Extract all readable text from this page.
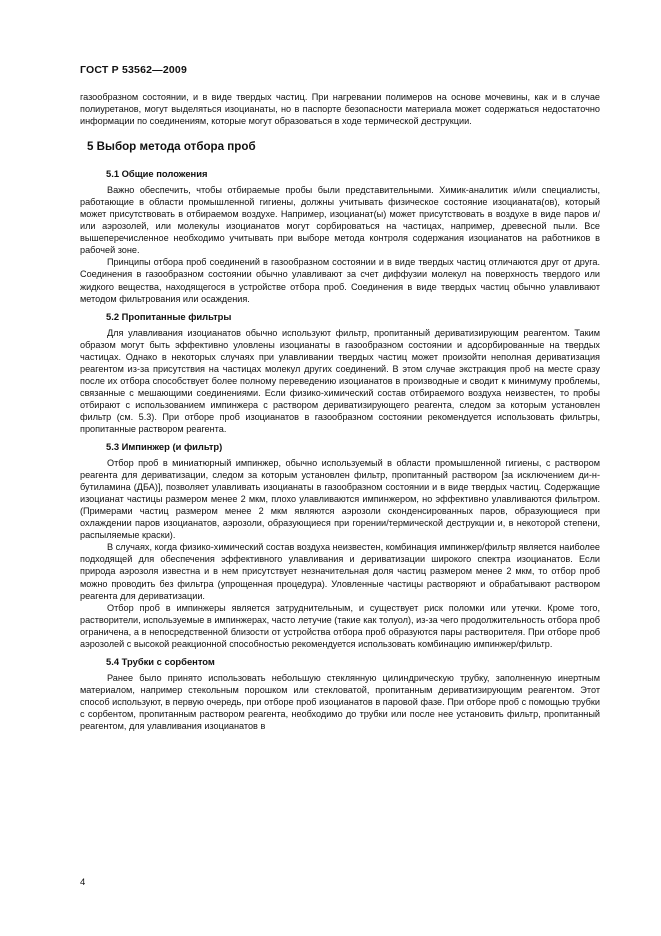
ГОСТ Р 53562—2009

газообразном состоянии, и в виде твердых частиц. При нагревании полимеров на основе мочевины, как и в случае полиуретанов, могут выделяться изоцианаты, но в паспорте безопасности материала может содержаться недостаточно информации по соединениям, которые могут образоваться в ходе термической деструкции.

5 Выбор метода отбора проб
5.1 Общие положения

Важно обеспечить, чтобы отбираемые пробы были представительными. Химик-аналитик и/или специалисты, работающие в области промышленной гигиены, должны учитывать физическое состояние изоцианата(ов), который может присутствовать в отбираемом воздухе. Например, изоцианат(ы) может присутствовать в воздухе в виде паров и/или аэрозолей, или молекулы изоцианатов могут сорбироваться на частицах, например, древесной пыли. Все вышеперечисленное необходимо учитывать при выборе метода контроля содержания изоцианатов на работников в рабочей зоне.

Принципы отбора проб соединений в газообразном состоянии и в виде твердых частиц отличаются друг от друга. Соединения в газообразном состоянии обычно улавливают за счет диффузии молекул на поверхность твердого или жидкого вещества, находящегося в устройстве отбора проб. Соединения в виде твердых частиц обычно улавливают методом фильтрования или осаждения.

5.2 Пропитанные фильтры

Для улавливания изоцианатов обычно используют фильтр, пропитанный дериватизирующим реагентом. Таким образом могут быть эффективно уловлены изоцианаты в газообразном состоянии и адсорбированные на твердых частицах. Однако в некоторых случаях при улавливании твердых частиц может произойти неполная дериватизация реагентом из-за присутствия на частицах молекул других соединений. В этом случае экстракция проб на месте сразу после их отбора способствует более полному переведению изоцианатов в производные и сводит к минимуму проблемы, связанные с мешающими соединениями. Если физико-химический состав отбираемого воздуха неизвестен, то пробы отбирают с использованием импинжера с раствором дериватизирующего реагента, следом за которым установлен фильтр (см. 5.3). При отборе проб изоцианатов в газообразном состоянии рекомендуется использовать фильтры, пропитанные раствором реагента.

5.3 Импинжер (и фильтр)

Отбор проб в миниатюрный импинжер, обычно используемый в области промышленной гигиены, с раствором реагента для дериватизации, следом за которым установлен фильтр, пропитанный раствором [за исключением ди-н-бутиламина (ДБА)], позволяет улавливать изоцианаты в газообразном состоянии и в виде твердых частиц. Содержащие изоцианат частицы размером менее 2 мкм, плохо улавливаются импинжером, но эффективно улавливаются фильтром. (Примерами частиц размером менее 2 мкм являются аэрозоли сконденсированных паров, образующиеся при охлаждении паров изоцианатов, аэрозоли, образующиеся при горении/термической деструкции и, в некоторой степени, распыляемые краски).

В случаях, когда физико-химический состав воздуха неизвестен, комбинация импинжер/фильтр является наиболее подходящей для обеспечения эффективного улавливания и дериватизации широкого спектра изоцианатов. Если природа аэрозоля известна и в нем присутствует незначительная доля частиц размером менее 2 мкм, то отбор проб можно проводить без фильтра (упрощенная процедура). Уловленные частицы растворяют и обрабатывают раствором реагента для дериватизации.

Отбор проб в импинжеры является затруднительным, и существует риск поломки или утечки. Кроме того, растворители, используемые в импинжерах, часто летучие (такие как толуол), из-за чего продолжительность отбора проб ограничена, а в непосредственной близости от устройства отбора проб образуются пары растворителя. При отборе проб аэрозолей с высокой реакционной способностью рекомендуется использовать комбинацию импинжер/фильтр.

5.4 Трубки с сорбентом

Ранее было принято использовать небольшую стеклянную цилиндрическую трубку, заполненную инертным материалом, например стекольным порошком или стекловатой, пропитанным дериватизирующим реагентом. Этот способ используют, в первую очередь, при отборе проб изоцианатов в паровой фазе. При отборе проб с помощью трубки с сорбентом, пропитанным раствором реагента, необходимо до трубки или после нее установить фильтр, пропитанный реагентом, для улавливания изоцианатов в

4
